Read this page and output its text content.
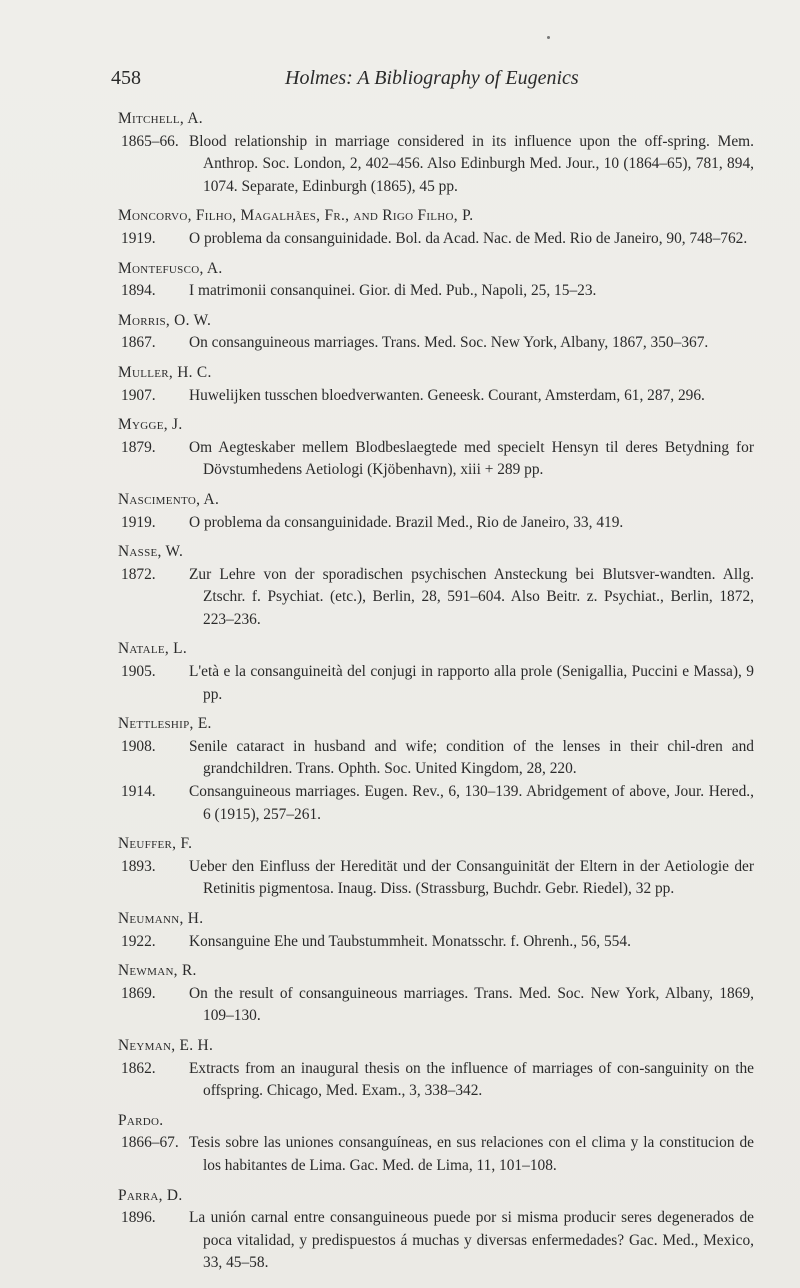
458	Holmes: A Bibliography of Eugenics
Mitchell, A.
1865–66. Blood relationship in marriage considered in its influence upon the off-spring. Mem. Anthrop. Soc. London, 2, 402–456. Also Edinburgh Med. Jour., 10 (1864–65), 781, 894, 1074. Separate, Edinburgh (1865), 45 pp.
Moncorvo, Filho, Magalhães, Fr., and Rigo Filho, P.
1919. O problema da consanguinidade. Bol. da Acad. Nac. de Med. Rio de Janeiro, 90, 748–762.
Montefusco, A.
1894. I matrimonii consanquinei. Gior. di Med. Pub., Napoli, 25, 15–23.
Morris, O. W.
1867. On consanguineous marriages. Trans. Med. Soc. New York, Albany, 1867, 350–367.
Muller, H. C.
1907. Huwelijken tusschen bloedverwanten. Geneesk. Courant, Amsterdam, 61, 287, 296.
Mygge, J.
1879. Om Aegteskaber mellem Blodbeslaegtede med specielt Hensyn til deres Betydning for Dövstumhedens Aetiologi (Kjöbenhavn), xiii + 289 pp.
Nascimento, A.
1919. O problema da consanguinidade. Brazil Med., Rio de Janeiro, 33, 419.
Nasse, W.
1872. Zur Lehre von der sporadischen psychischen Ansteckung bei Blutsver-wandten. Allg. Ztschr. f. Psychiat. (etc.), Berlin, 28, 591–604. Also Beitr. z. Psychiat., Berlin, 1872, 223–236.
Natale, L.
1905. L'età e la consanguineità del conjugi in rapporto alla prole (Senigallia, Puccini e Massa), 9 pp.
Nettleship, E.
1908. Senile cataract in husband and wife; condition of the lenses in their chil-dren and grandchildren. Trans. Ophth. Soc. United Kingdom, 28, 220.
1914. Consanguineous marriages. Eugen. Rev., 6, 130–139. Abridgement of above, Jour. Hered., 6 (1915), 257–261.
Neuffer, F.
1893. Ueber den Einfluss der Heredität und der Consanguinität der Eltern in der Aetiologie der Retinitis pigmentosa. Inaug. Diss. (Strassburg, Buchdr. Gebr. Riedel), 32 pp.
Neumann, H.
1922. Konsanguine Ehe und Taubstummheit. Monatsschr. f. Ohrenh., 56, 554.
Newman, R.
1869. On the result of consanguineous marriages. Trans. Med. Soc. New York, Albany, 1869, 109–130.
Neyman, E. H.
1862. Extracts from an inaugural thesis on the influence of marriages of con-sanguinity on the offspring. Chicago, Med. Exam., 3, 338–342.
Pardo.
1866–67. Tesis sobre las uniones consanguíneas, en sus relaciones con el clima y la constitucion de los habitantes de Lima. Gac. Med. de Lima, 11, 101–108.
Parra, D.
1896. La unión carnal entre consanguineous puede por si misma producir seres degenerados de poca vitalidad, y predispuestos á muchas y diversas enfermedades? Gac. Med., Mexico, 33, 45–58.
